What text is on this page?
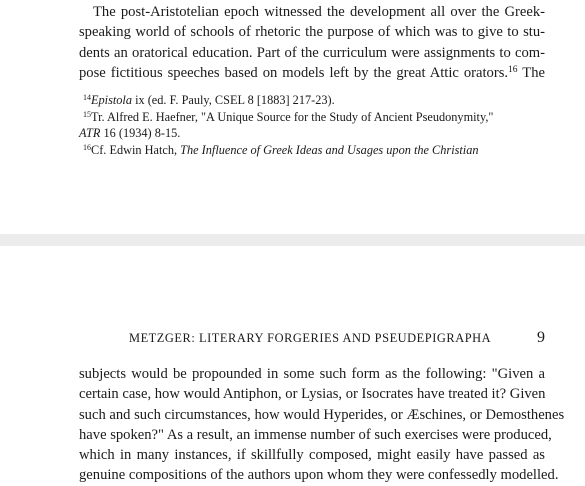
The post-Aristotelian epoch witnessed the development all over the Greek-
speaking world of schools of rhetoric the purpose of which was to give to stu-
dents an oratorical education. Part of the curriculum were assignments to com-
pose fictitious speeches based on models left by the great Attic orators.$^{16}$ The
$^{14}$Epistola ix (ed. F. Pauly, CSEL 8 [1883] 217-23).
$^{15}$Tr. Alfred E. Haefner, "A Unique Source for the Study of Ancient Pseudonymity,"
ATR 16 (1934) 8-15.
$^{16}$Cf. Edwin Hatch, The Influence of Greek Ideas and Usages upon the Christian
METZGER: LITERARY FORGERIES AND PSEUDEPIGRAPHA	9
subjects would be propounded in some such form as the following: "Given a
certain case, how would Antiphon, or Lysias, or Isocrates have treated it? Given
such and such circumstances, how would Hyperides, or Æschines, or Demosthenes
have spoken?" As a result, an immense number of such exercises were produced,
which in many instances, if skillfully composed, might easily have passed as
genuine compositions of the authors upon whom they were confessedly modelled.
